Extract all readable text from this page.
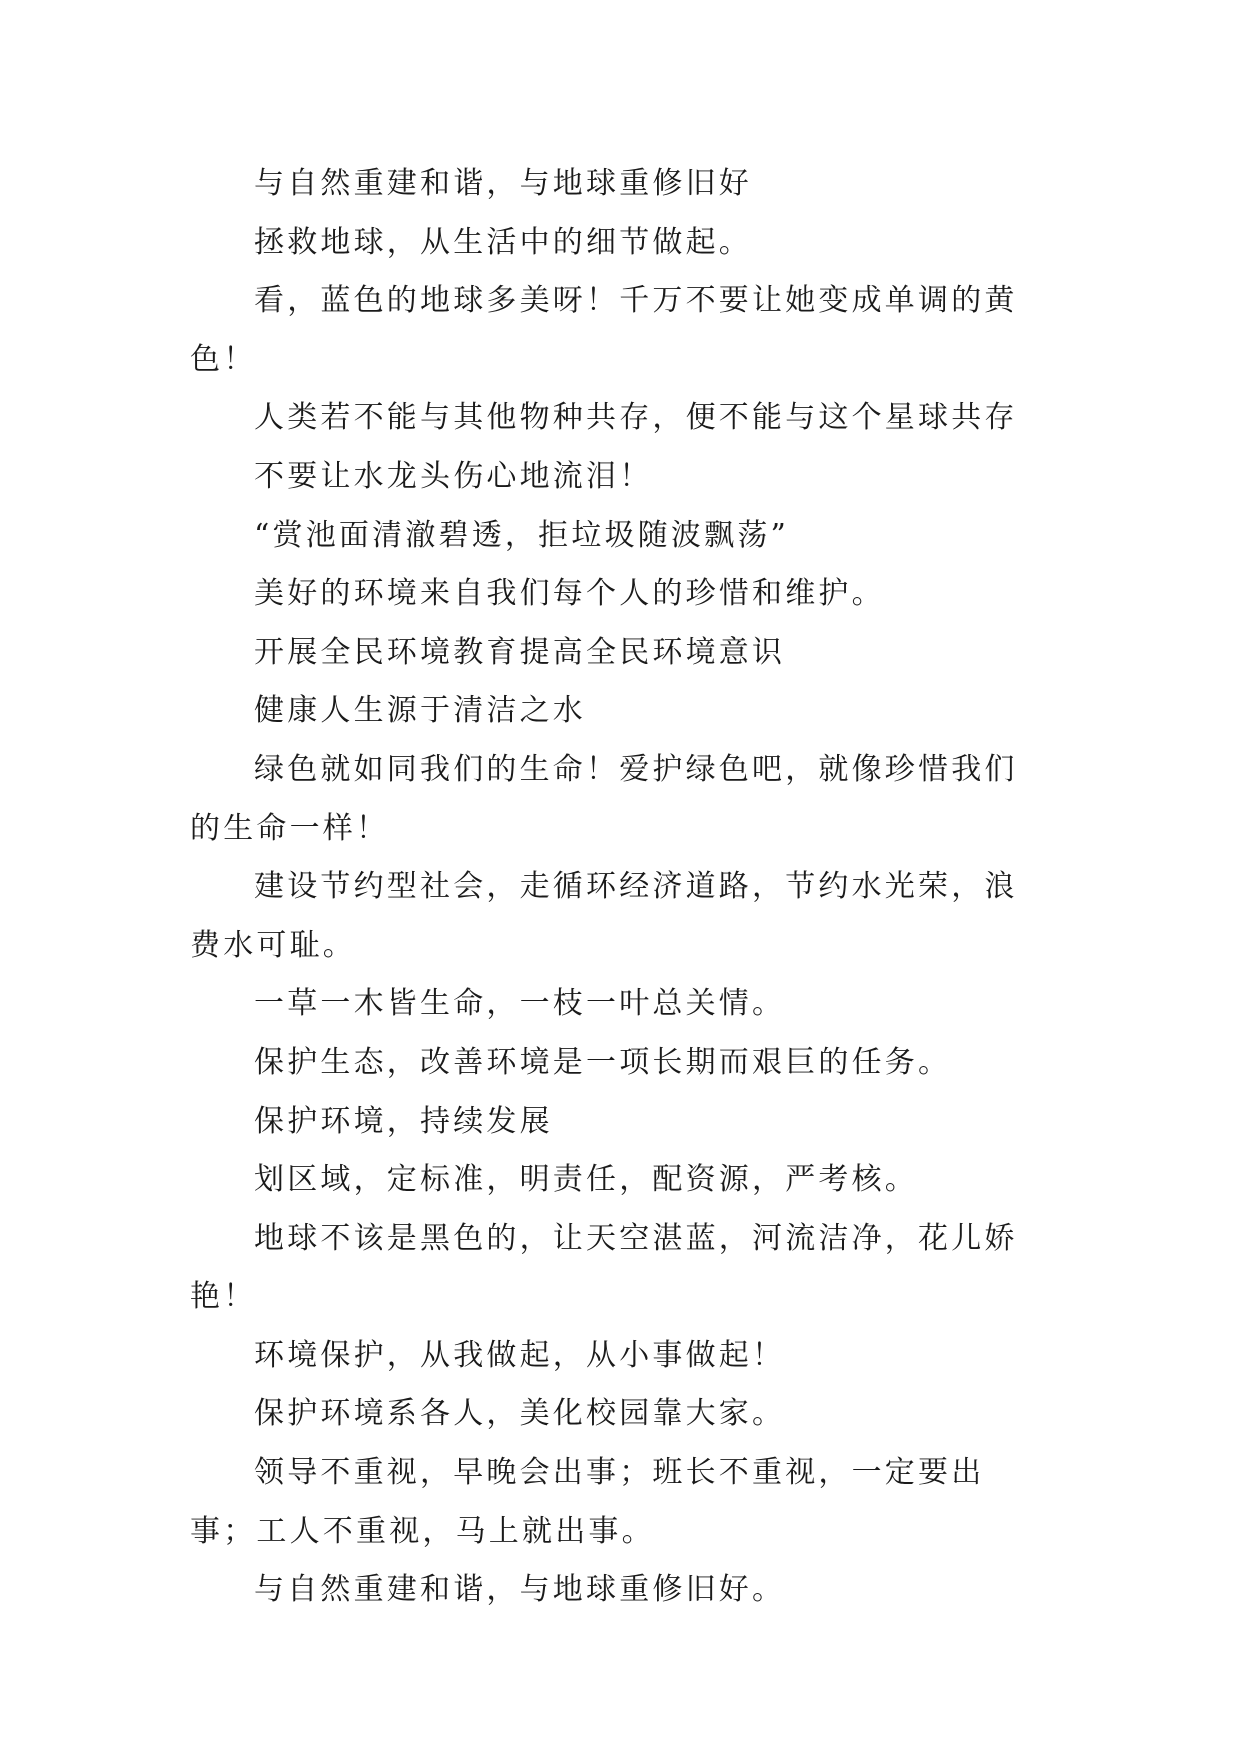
与自然重建和谐，与地球重修旧好

拯救地球，从生活中的细节做起。

看，蓝色的地球多美呀！千万不要让她变成单调的黄色！

人类若不能与其他物种共存，便不能与这个星球共存

不要让水龙头伤心地流泪！

“赏池面清澈碧透，拒垃圾随波飘荡”

美好的环境来自我们每个人的珍惜和维护。

开展全民环境教育提高全民环境意识

健康人生源于清洁之水

绿色就如同我们的生命！爱护绿色吧，就像珍惜我们的生命一样！

建设节约型社会，走循环经济道路，节约水光荣，浪费水可耻。

一草一木皆生命，一枝一叶总关情。

保护生态，改善环境是一项长期而艰巨的任务。

保护环境，持续发展

划区域，定标准，明责任，配资源，严考核。

地球不该是黑色的，让天空湛蓝，河流洁净，花儿娇艳！

环境保护，从我做起，从小事做起！

保护环境系各人，美化校园靠大家。

领导不重视，早晚会出事；班长不重视，一定要出事；工人不重视，马上就出事。

与自然重建和谐，与地球重修旧好。
